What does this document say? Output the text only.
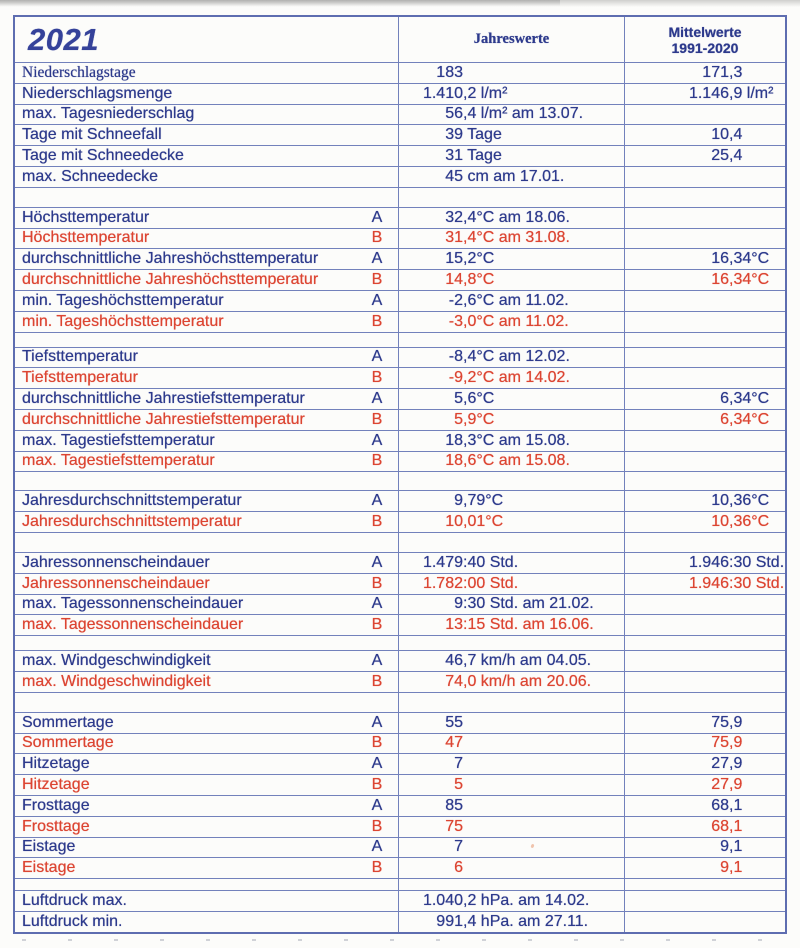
2021	Jahreswerte	Mittelwerte
1991-2020
Niederschlagstage	183	171,3
Niederschlagsmenge	1.410,2 l/m²	1.146,9 l/m²
max. Tagesniederschlag	56,4 l/m² am 13.07.
Tage mit Schneefall	39 Tage	10,4
Tage mit Schneedecke	31 Tage	25,4
max. Schneedecke	45 cm am 17.01.
Höchsttemperatur	A	32,4°C am 18.06.
Höchsttemperatur	B	31,4°C am 31.08.
durchschnittliche Jahreshöchsttemperatur	A	15,2°C	16,34°C
durchschnittliche Jahreshöchsttemperatur	B	14,8°C	16,34°C
min. Tageshöchsttemperatur	A	-2,6°C am 11.02.
min. Tageshöchsttemperatur	B	-3,0°C am 11.02.
Tiefsttemperatur	A	-8,4°C am 12.02.
Tiefsttemperatur	B	-9,2°C am 14.02.
durchschnittliche Jahrestiefsttemperatur	A	5,6°C	6,34°C
durchschnittliche Jahrestiefsttemperatur	B	5,9°C	6,34°C
max. Tagestiefsttemperatur	A	18,3°C am 15.08.
max. Tagestiefsttemperatur	B	18,6°C am 15.08.
Jahresdurchschnittstemperatur	A	9,79°C	10,36°C
Jahresdurchschnittstemperatur	B	10,01°C	10,36°C
Jahressonnenscheindauer	A	1.479:40 Std.	1.946:30 Std.
Jahressonnenscheindauer	B	1.782:00 Std.	1.946:30 Std.
max. Tagessonnenscheindauer	A	9:30 Std. am 21.02.
max. Tagessonnenscheindauer	B	13:15 Std. am 16.06.
max. Windgeschwindigkeit	A	46,7 km/h am 04.05.
max. Windgeschwindigkeit	B	74,0 km/h am 20.06.
Sommertage	A	55	75,9
Sommertage	B	47	75,9
Hitzetage	A	7	27,9
Hitzetage	B	5	27,9
Frosttage	A	85	68,1
Frosttage	B	75	68,1
Eistage	A	7	9,1
Eistage	B	6	9,1
Luftdruck max.	1.040,2 hPa. am 14.02.
Luftdruck min.	991,4 hPa. am 27.11.
